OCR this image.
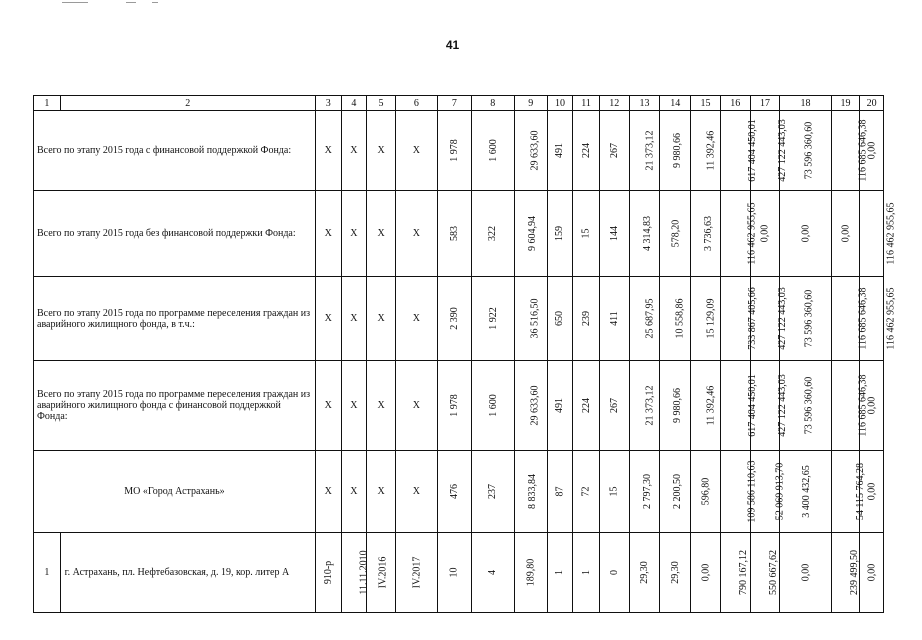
41
1	2	3	4	5	6	7	8	9	10	11	12	13	14	15	16	17	18	19	20
Всего по этапу 2015 года с финансовой поддержкой Фонда:		X	X	X	X	1 978	1 600	29 633,60	491	224	267	21 373,12	9 980,66	11 392,46	617 404 450,01	427 122 443,03	73 596 360,60	116 685 646,38	0,00
Всего по этапу 2015 года без финансовой поддержки Фонда:		X	X	X	X	583	322	9 604,94	159	15	144	4 314,83	578,20	3 736,63	116 462 955,65	0,00	0,00	0,00	116 462 955,65
Всего по этапу 2015 года по программе переселения граждан из аварийного жилищного фонда, в т.ч.:		X	X	X	X	2 390	1 922	36 516,50	650	239	411	25 687,95	10 558,86	15 129,09	733 867 405,66	427 122 443,03	73 596 360,60	116 685 646,38	116 462 955,65
Всего по этапу 2015 года по программе переселения граждан из аварийного жилищного фонда с финансовой поддержкой Фонда:		X	X	X	X	1 978	1 600	29 633,60	491	224	267	21 373,12	9 980,66	11 392,46	617 404 450,01	427 122 443,03	73 596 360,60	116 685 646,38	0,00
МО «Город Астрахань»		X	X	X	X	476	237	8 833,84	87	72	15	2 797,30	2 200,50	596,80	109 586 110,63	52 069 913,70	3 400 432,65	54 115 764,28	0,00
1	г. Астрахань, пл. Нефтебазовская, д. 19, кор. литер А	910-р	11.11.2010	IV.2016	IV.2017	10	4	189,80	1	1	0	29,30	29,30	0,00	790 167,12	550 667,62	0,00	239 499,50	0,00
